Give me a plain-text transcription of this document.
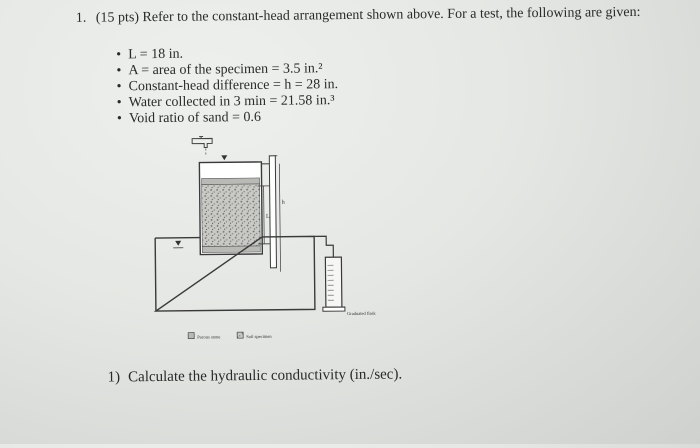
1. (15 pts) Refer to the constant-head arrangement shown above. For a test, the following are given:
• L = 18 in.
• A = area of the specimen = 3.5 in.²
• Constant-head difference = h = 28 in.
• Water collected in 3 min = 21.58 in.³
• Void ratio of sand = 0.6
L
h
Graduated flask
Porous stone	Soil specimen
1) Calculate the hydraulic conductivity (in./sec).
